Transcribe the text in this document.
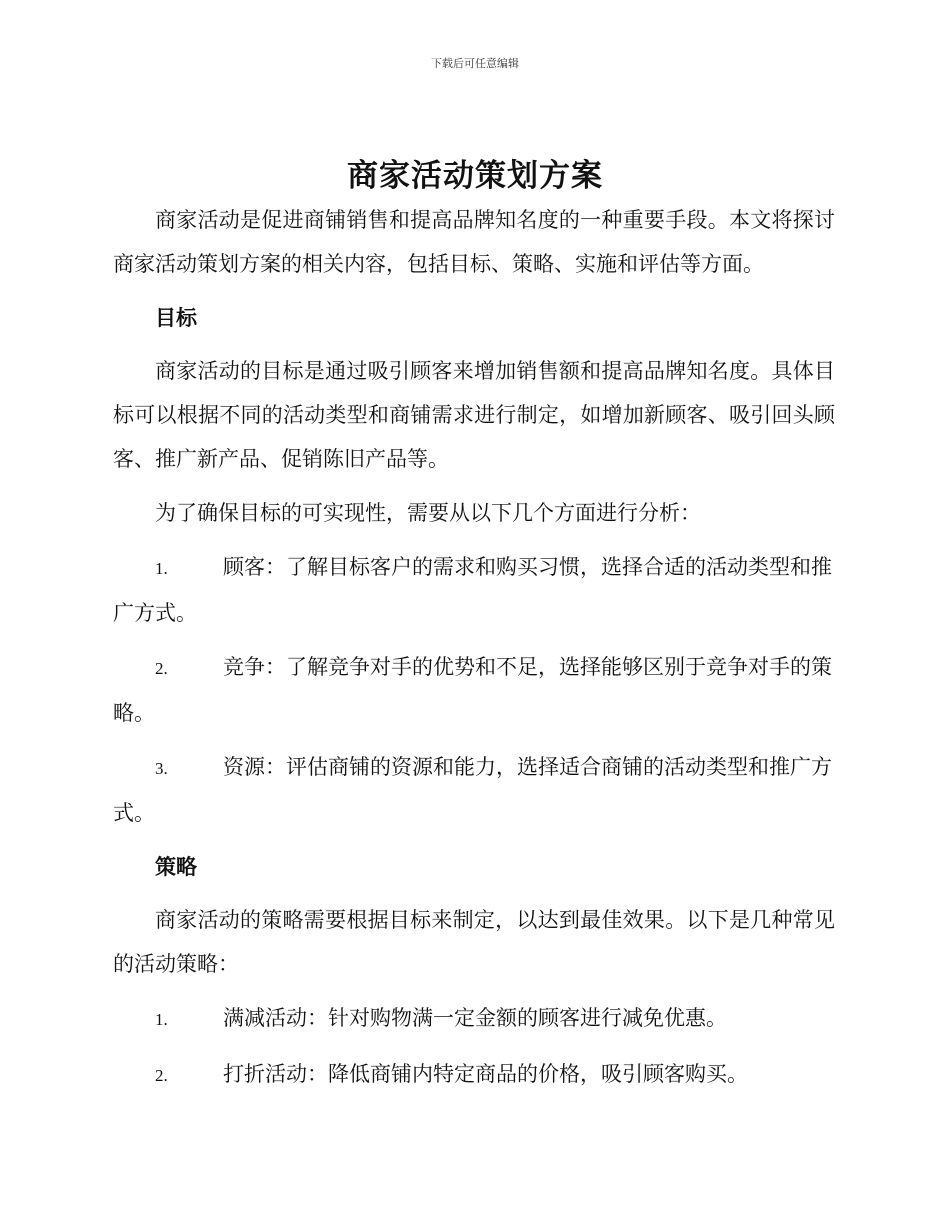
下载后可任意编辑
商家活动策划方案

商家活动是促进商铺销售和提高品牌知名度的一种重要手段。本文将探讨商家活动策划方案的相关内容，包括目标、策略、实施和评估等方面。

目标

商家活动的目标是通过吸引顾客来增加销售额和提高品牌知名度。具体目标可以根据不同的活动类型和商铺需求进行制定，如增加新顾客、吸引回头顾客、推广新产品、促销陈旧产品等。

为了确保目标的可实现性，需要从以下几个方面进行分析：

1.	顾客：了解目标客户的需求和购买习惯，选择合适的活动类型和推广方式。

2.	竞争：了解竞争对手的优势和不足，选择能够区别于竞争对手的策略。

3.	资源：评估商铺的资源和能力，选择适合商铺的活动类型和推广方式。

策略

商家活动的策略需要根据目标来制定，以达到最佳效果。以下是几种常见的活动策略：

1.	满减活动：针对购物满一定金额的顾客进行减免优惠。

2.	打折活动：降低商铺内特定商品的价格，吸引顾客购买。
